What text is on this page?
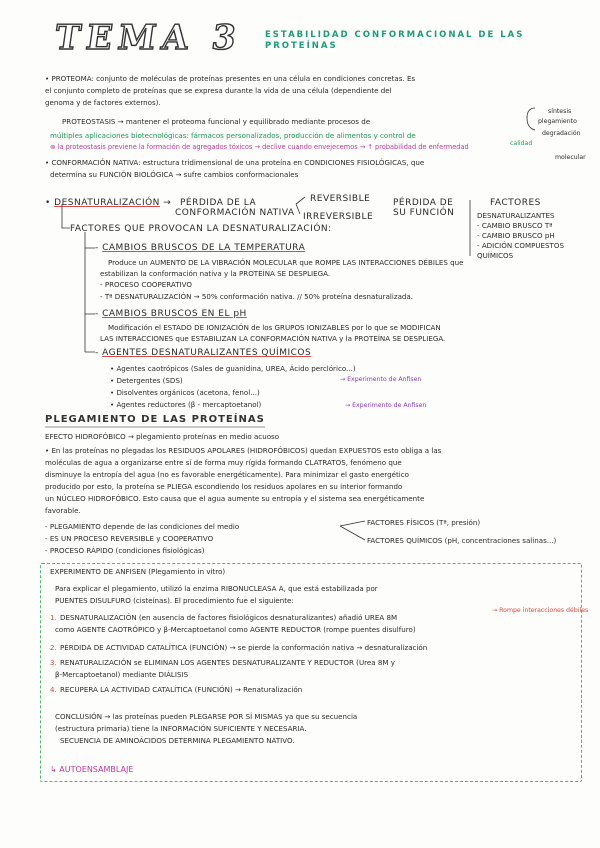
TEMA 3 ESTABILIDAD CONFORMACIONAL DE LAS PROTEÍNAS
• PROTEOMA: conjunto de moléculas de proteínas presentes en una célula en condiciones concretas. Es
el conjunto completo de proteínas que se expresa durante la vida de una célula (dependiente del
genoma y de factores externos).
PROTEOSTASIS → mantener el proteoma funcional y equilibrado mediante procesos de
síntesis
plegamiento
degradación
múltiples aplicaciones biotecnológicas: fármacos personalizados, producción de alimentos y control de
calidad
⊗ la proteostasis previene la formación de agregados tóxicos → declive cuando envejecemos → ↑ probabilidad de enfermedad
molecular
• CONFORMACIÓN NATIVA: estructura tridimensional de una proteína en CONDICIONES FISIOLÓGICAS, que
determina su FUNCIÓN BIOLÓGICA → sufre cambios conformacionales
• DESNATURALIZACIÓN → PÉRDIDA DE LA
CONFORMACIÓN NATIVA
REVERSIBLE
IRREVERSIBLE
PÉRDIDA DE
SU FUNCIÓN
FACTORES
DESNATURALIZANTES
- CAMBIO BRUSCO Tª
- CAMBIO BRUSCO pH
- ADICIÓN COMPUESTOS
QUÍMICOS
FACTORES QUE PROVOCAN LA DESNATURALIZACIÓN:
- CAMBIOS BRUSCOS DE LA TEMPERATURA
Produce un AUMENTO DE LA VIBRACIÓN MOLECULAR que ROMPE LAS INTERACCIONES DÉBILES que
estabilizan la conformación nativa y la PROTEÍNA SE DESPLIEGA.
- PROCESO COOPERATIVO
- Tª DESNATURALIZACIÓN → 50% conformación nativa. // 50% proteína desnaturalizada.
- CAMBIOS BRUSCOS EN EL pH
Modificación el ESTADO DE IONIZACIÓN de los GRUPOS IONIZABLES por lo que se MODIFICAN
LAS INTERACCIONES que ESTABILIZAN LA CONFORMACIÓN NATIVA y la PROTEÍNA SE DESPLIEGA.
- AGENTES DESNATURALIZANTES QUÍMICOS
• Agentes caotrópicos (Sales de guanidina, UREA, Ácido perclórico...)
→ Experimento de Anfisen
• Detergentes (SDS)
• Disolventes orgánicos (acetona, fenol...)
• Agentes reductores (β - mercaptoetanol)	→ Experimento de Anfisen
PLEGAMIENTO DE LAS PROTEÍNAS
EFECTO HIDROFÓBICO → plegamiento proteínas en medio acuoso
• En las proteínas no plegadas los RESIDUOS APOLARES (HIDROFÓBICOS) quedan EXPUESTOS esto obliga a las
moléculas de agua a organizarse entre sí de forma muy rígida formando CLATRATOS, fenómeno que
disminuye la entropía del agua (no es favorable energéticamente). Para minimizar el gasto energético
producido por esto, la proteína se PLIEGA escondiendo los residuos apolares en su interior formando
un NÚCLEO HIDROFÓBICO. Esto causa que el agua aumente su entropía y el sistema sea energéticamente
favorable.
- PLEGAMIENTO depende de las condiciones del medio
- ES UN PROCESO REVERSIBLE y COOPERATIVO
- PROCESO RÁPIDO (condiciones fisiológicas)
FACTORES FÍSICOS (Tª, presión)
FACTORES QUÍMICOS (pH, concentraciones salinas...)
EXPERIMENTO DE ANFISEN (Plegamiento in vitro)
Para explicar el plegamiento, utilizó la enzima RIBONUCLEASA A, que está estabilizada por
PUENTES DISULFURO (cisteínas). El procedimiento fue el siguiente:
→ Rompe interacciones débiles
1. DESNATURALIZACIÓN (en ausencia de factores fisiológicos desnaturalizantes) añadió UREA 8M
como AGENTE CAOTRÓPICO y β-Mercaptoetanol como AGENTE REDUCTOR (rompe puentes disulfuro)
2. PÉRDIDA DE ACTIVIDAD CATALÍTICA (FUNCIÓN) → se pierde la conformación nativa → desnaturalización
3. RENATURALIZACIÓN se ELIMINAN LOS AGENTES DESNATURALIZANTE Y REDUCTOR (Urea 8M y
β-Mercaptoetanol) mediante DIÁLISIS
4. RECUPERA LA ACTIVIDAD CATALÍTICA (FUNCIÓN) → Renaturalización
CONCLUSIÓN → las proteínas pueden PLEGARSE POR SÍ MISMAS ya que su secuencia
(estructura primaria) tiene la INFORMACIÓN SUFICIENTE Y NECESARIA.
SECUENCIA DE AMINOÁCIDOS DETERMINA PLEGAMIENTO NATIVO.
↳ AUTOENSAMBLAJE
